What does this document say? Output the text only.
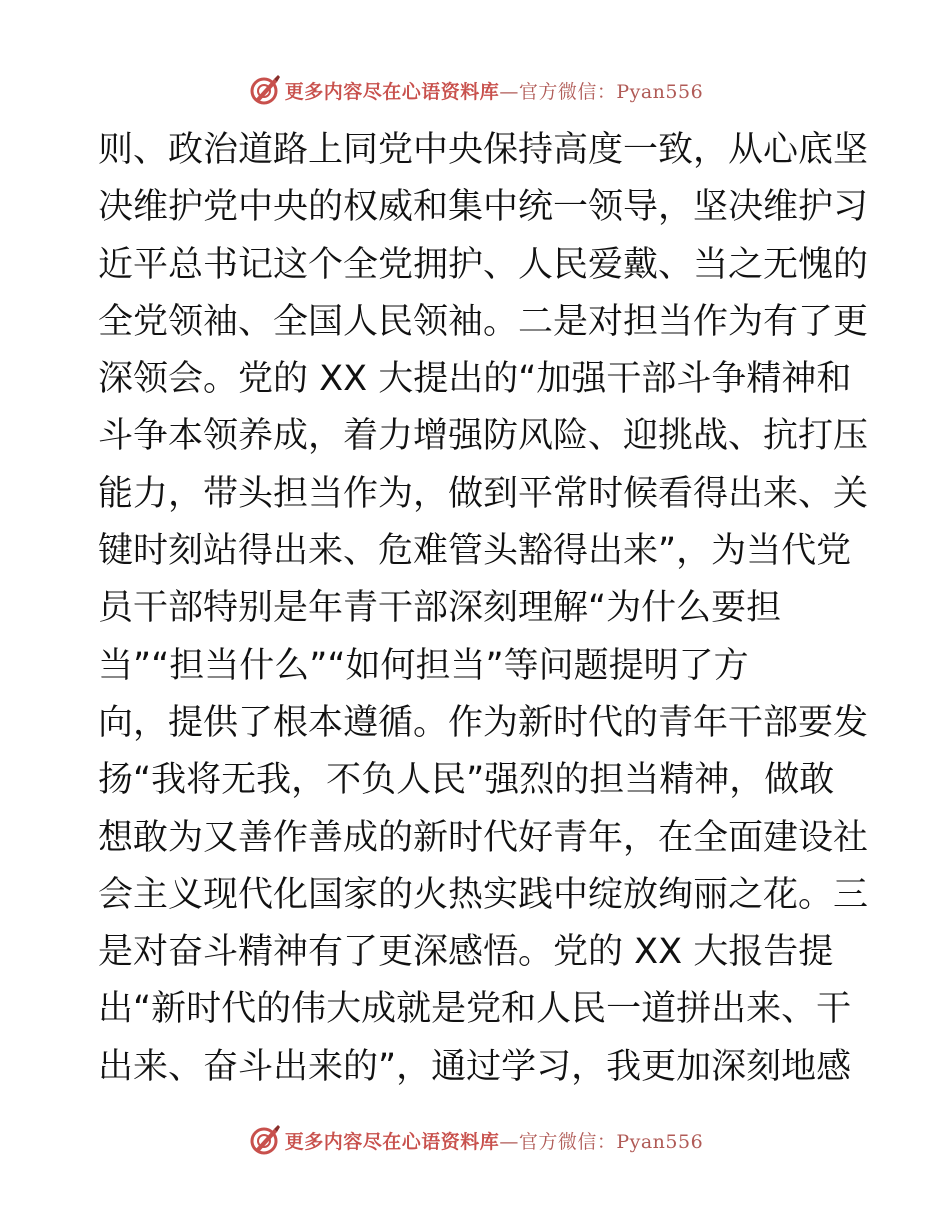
更多内容尽在心语资料库—官方微信：Pyan556
则、政治道路上同党中央保持高度一致，从心底坚
决维护党中央的权威和集中统一领导，坚决维护习
近平总书记这个全党拥护、人民爱戴、当之无愧的
全党领袖、全国人民领袖。二是对担当作为有了更
深领会。党的 XX 大提出的“加强干部斗争精神和
斗争本领养成，着力增强防风险、迎挑战、抗打压
能力，带头担当作为，做到平常时候看得出来、关
键时刻站得出来、危难管头豁得出来”，为当代党
员干部特别是年青干部深刻理解“为什么要担
当”“担当什么”“如何担当”等问题提明了方
向，提供了根本遵循。作为新时代的青年干部要发
扬“我将无我，不负人民”强烈的担当精神，做敢
想敢为又善作善成的新时代好青年，在全面建设社
会主义现代化国家的火热实践中绽放绚丽之花。三
是对奋斗精神有了更深感悟。党的 XX 大报告提
出“新时代的伟大成就是党和人民一道拼出来、干
出来、奋斗出来的”，通过学习，我更加深刻地感
更多内容尽在心语资料库—官方微信：Pyan556
